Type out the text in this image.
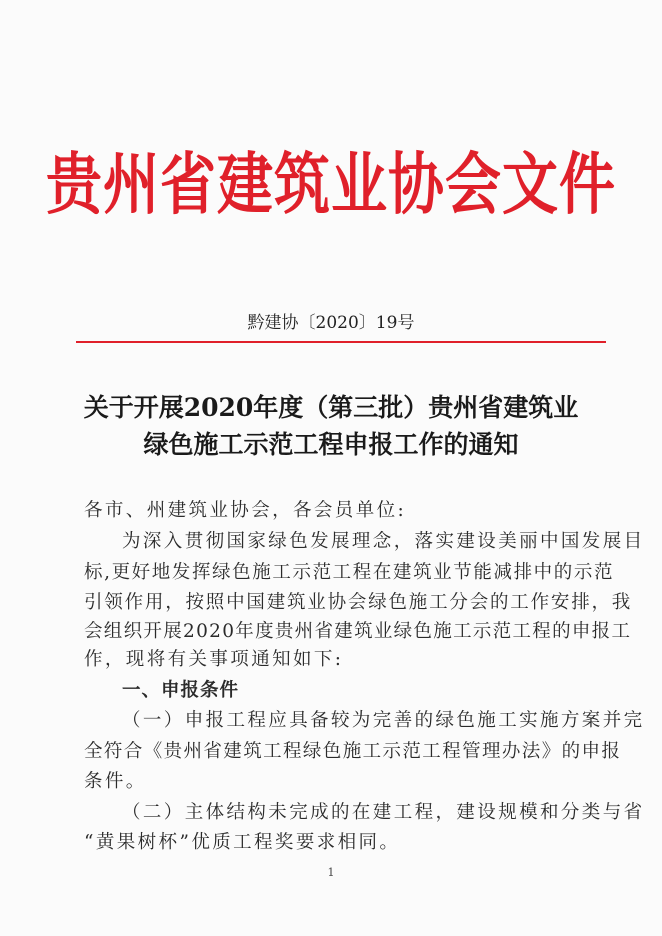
贵州省建筑业协会文件
黔建协〔2020〕19号
关于开展2020年度（第三批）贵州省建筑业
绿色施工示范工程申报工作的通知
各市、州建筑业协会，各会员单位:
为深入贯彻国家绿色发展理念，落实建设美丽中国发展目
标,更好地发挥绿色施工示范工程在建筑业节能减排中的示范
引领作用，按照中国建筑业协会绿色施工分会的工作安排，我
会组织开展2020年度贵州省建筑业绿色施工示范工程的申报工
作，现将有关事项通知如下:
一、申报条件
（一）申报工程应具备较为完善的绿色施工实施方案并完
全符合《贵州省建筑工程绿色施工示范工程管理办法》的申报
条件。
（二）主体结构未完成的在建工程，建设规模和分类与省
“黄果树杯”优质工程奖要求相同。
1
